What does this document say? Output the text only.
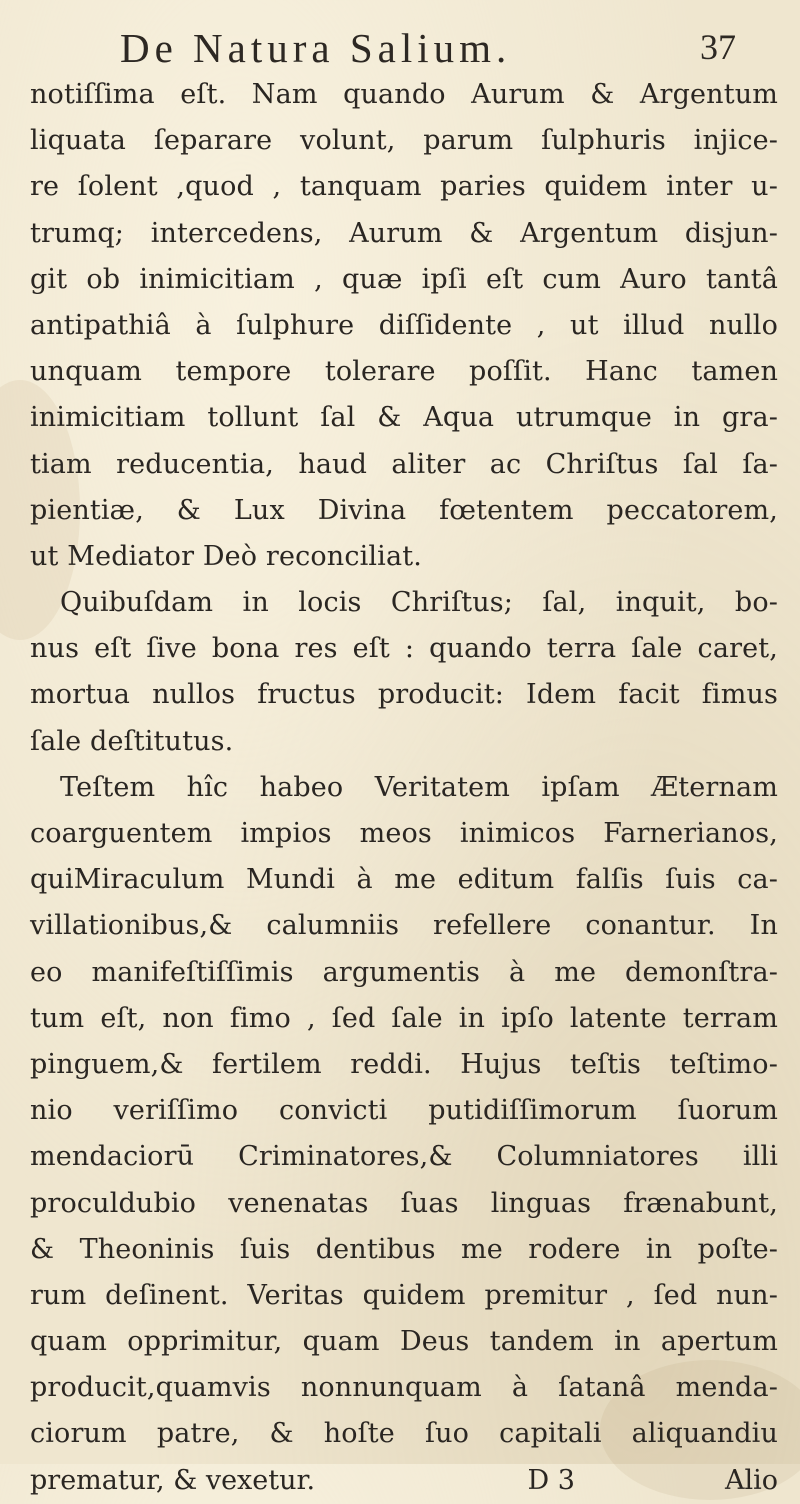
De Natura Salium.	37
notiſſima eſt. Nam quando Aurum & Argentum
liquata ſeparare volunt, parum ſulphuris injice-
re ſolent ,quod , tanquam paries quidem inter u-
trumq; intercedens, Aurum & Argentum disjun-
git ob inimicitiam , quæ ipſi eſt cum Auro tantâ
antipathiâ à ſulphure diſſidente , ut illud nullo
unquam tempore tolerare poſſit. Hanc tamen
inimicitiam tollunt ſal & Aqua utrumque in gra-
tiam reducentia, haud aliter ac Chriſtus ſal ſa-
pientiæ, & Lux Divina fœtentem peccatorem,
ut Mediator Deò reconciliat.
Quibuſdam in locis Chriſtus; ſal, inquit, bo-
nus eſt ſive bona res eſt : quando terra ſale caret,
mortua nullos fructus producit: Idem facit fimus
ſale deſtitutus.
Teſtem hîc habeo Veritatem ipſam Æternam
coarguentem impios meos inimicos Farnerianos,
quiMiraculum Mundi à me editum falſis ſuis ca-
villationibus,& calumniis refellere conantur. In
eo manifeſtiſſimis argumentis à me demonſtra-
tum eſt, non fimo , ſed ſale in ipſo latente terram
pinguem,& fertilem reddi. Hujus teſtis teſtimo-
nio veriſſimo convicti putidiſſimorum ſuorum
mendaciorū Criminatores,& Columniatores illi
proculdubio venenatas ſuas linguas frænabunt,
& Theoninis ſuis dentibus me rodere in poſte-
rum deſinent. Veritas quidem premitur , ſed nun-
quam opprimitur, quam Deus tandem in apertum
producit,quamvis nonnunquam à ſatanâ menda-
ciorum patre, & hoſte ſuo capitali aliquandiu
prematur, & vexetur.	D 3	Alio
